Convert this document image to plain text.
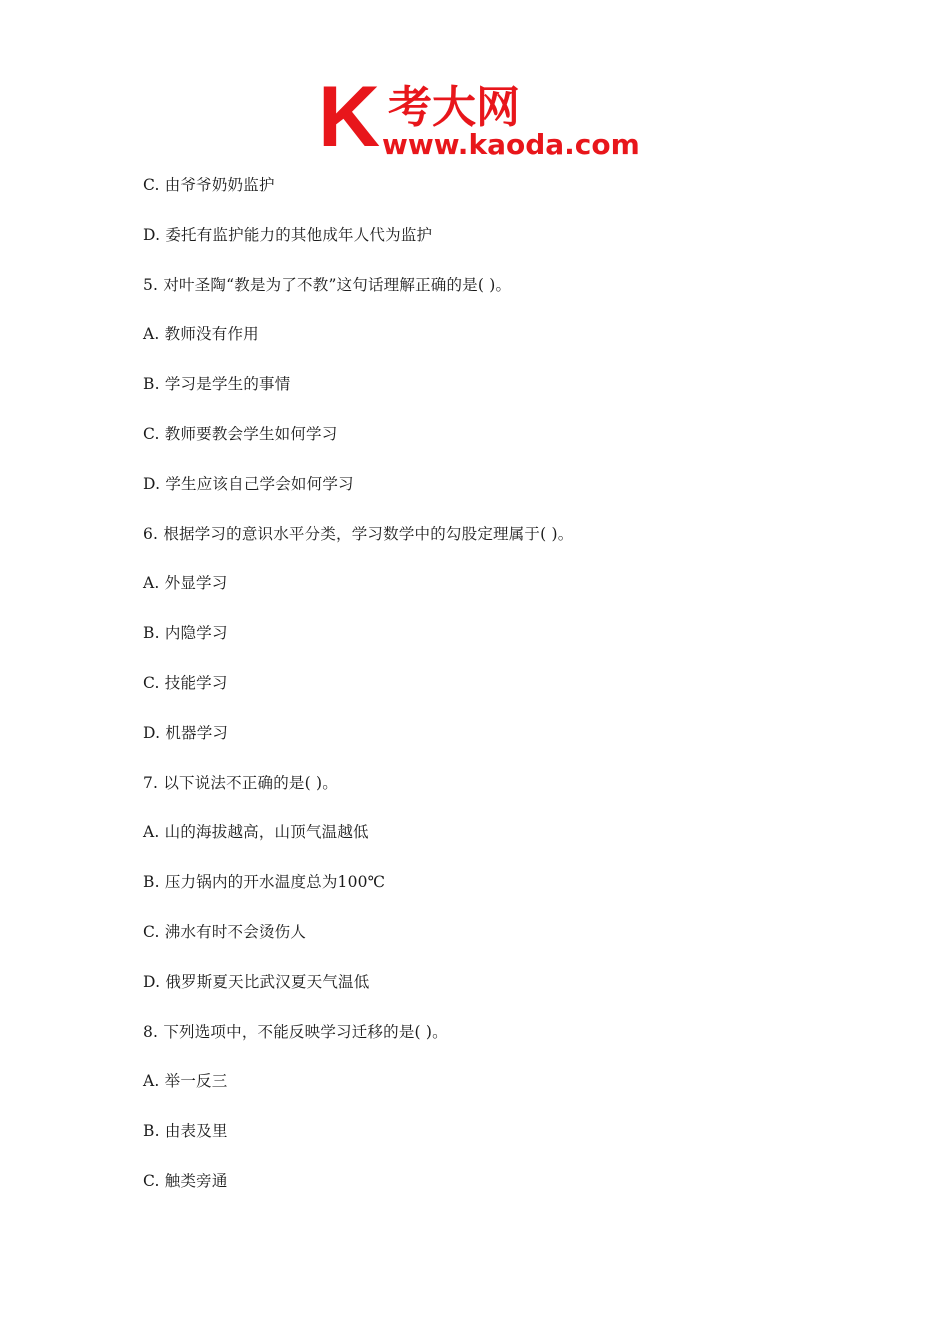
K 考大网
www.kaoda.com
C. 由爷爷奶奶监护
D. 委托有监护能力的其他成年人代为监护
5. 对叶圣陶“教是为了不教”这句话理解正确的是( )。
A. 教师没有作用
B. 学习是学生的事情
C. 教师要教会学生如何学习
D. 学生应该自己学会如何学习
6. 根据学习的意识水平分类，学习数学中的勾股定理属于( )。
A. 外显学习
B. 内隐学习
C. 技能学习
D. 机器学习
7. 以下说法不正确的是( )。
A. 山的海拔越高，山顶气温越低
B. 压力锅内的开水温度总为100℃
C. 沸水有时不会烫伤人
D. 俄罗斯夏天比武汉夏天气温低
8. 下列选项中，不能反映学习迁移的是( )。
A. 举一反三
B. 由表及里
C. 触类旁通
